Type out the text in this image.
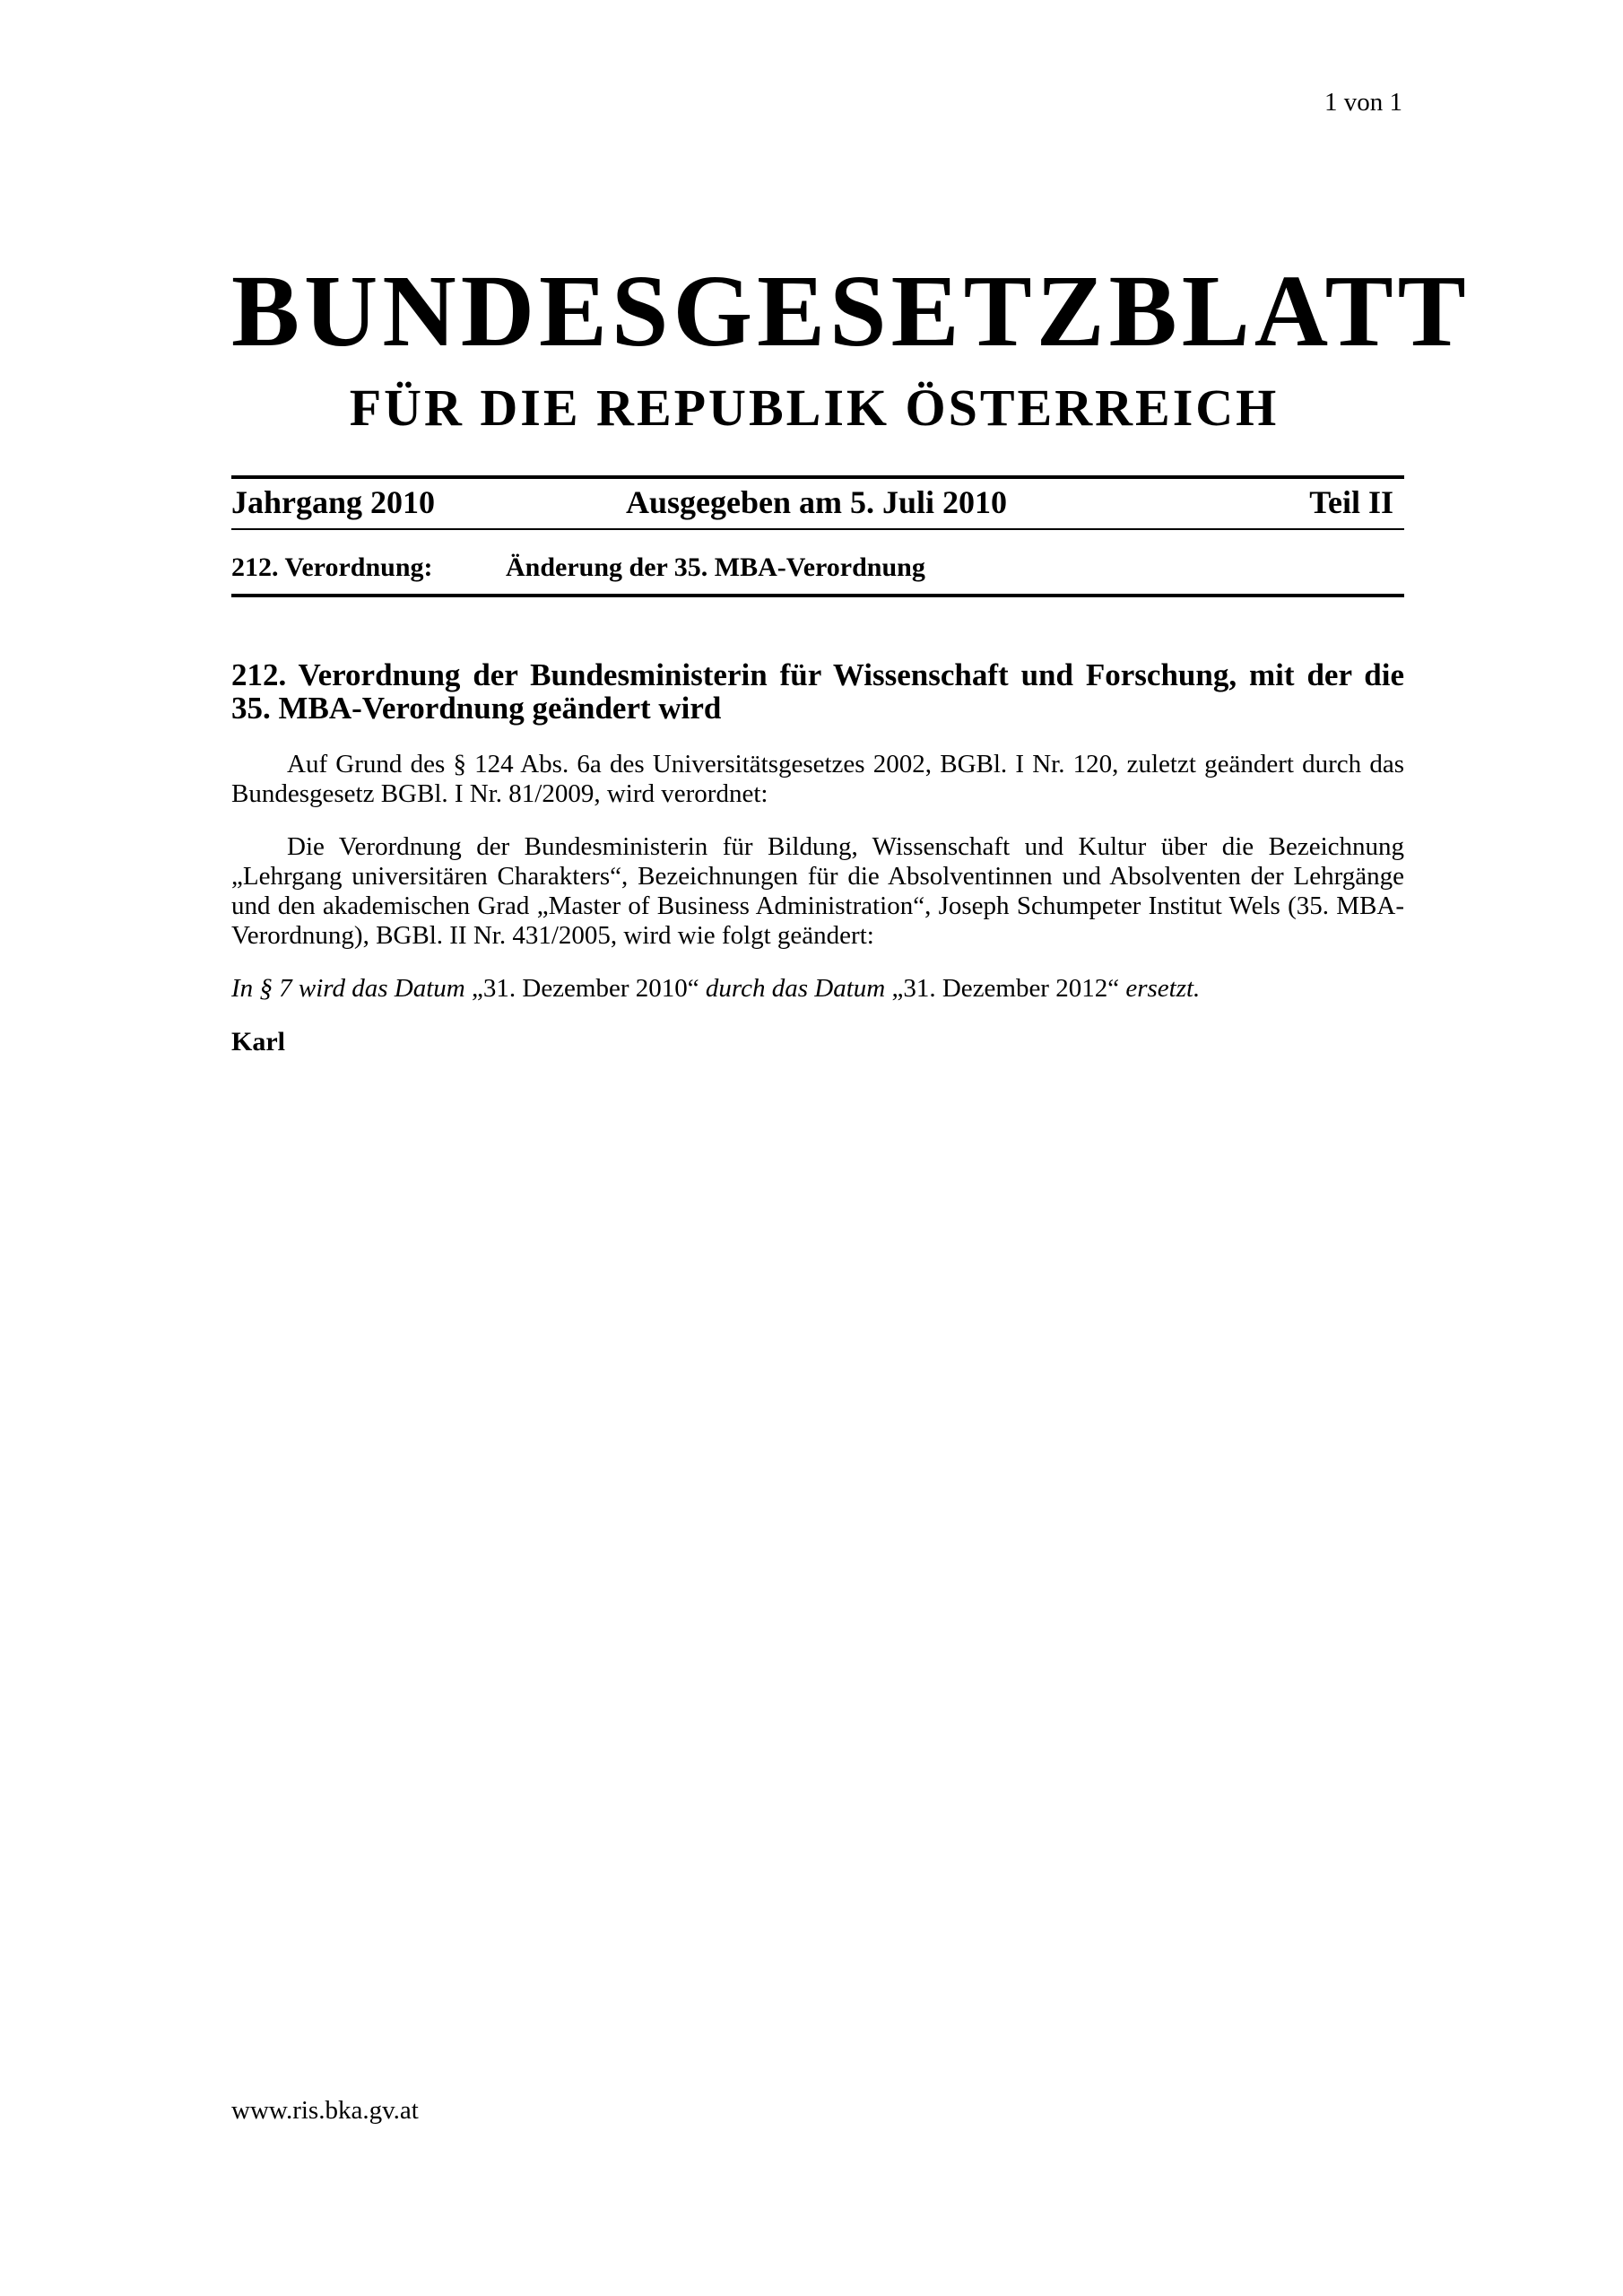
1 von 1
BUNDESGESETZBLATT
FÜR DIE REPUBLIK ÖSTERREICH
Jahrgang 2010	Ausgegeben am 5. Juli 2010	Teil II
212. Verordnung:	Änderung der 35. MBA-Verordnung

212. Verordnung der Bundesministerin für Wissenschaft und Forschung, mit der die 35. MBA-Verordnung geändert wird

Auf Grund des § 124 Abs. 6a des Universitätsgesetzes 2002, BGBl. I Nr. 120, zuletzt geändert durch das Bundesgesetz BGBl. I Nr. 81/2009, wird verordnet:

Die Verordnung der Bundesministerin für Bildung, Wissenschaft und Kultur über die Bezeichnung „Lehrgang universitären Charakters“, Bezeichnungen für die Absolventinnen und Absolventen der Lehrgänge und den akademischen Grad „Master of Business Administration“, Joseph Schumpeter Institut Wels (35. MBA-Verordnung), BGBl. II Nr. 431/2005, wird wie folgt geändert:

In § 7 wird das Datum „31. Dezember 2010“ durch das Datum „31. Dezember 2012“ ersetzt.

Karl
www.ris.bka.gv.at
